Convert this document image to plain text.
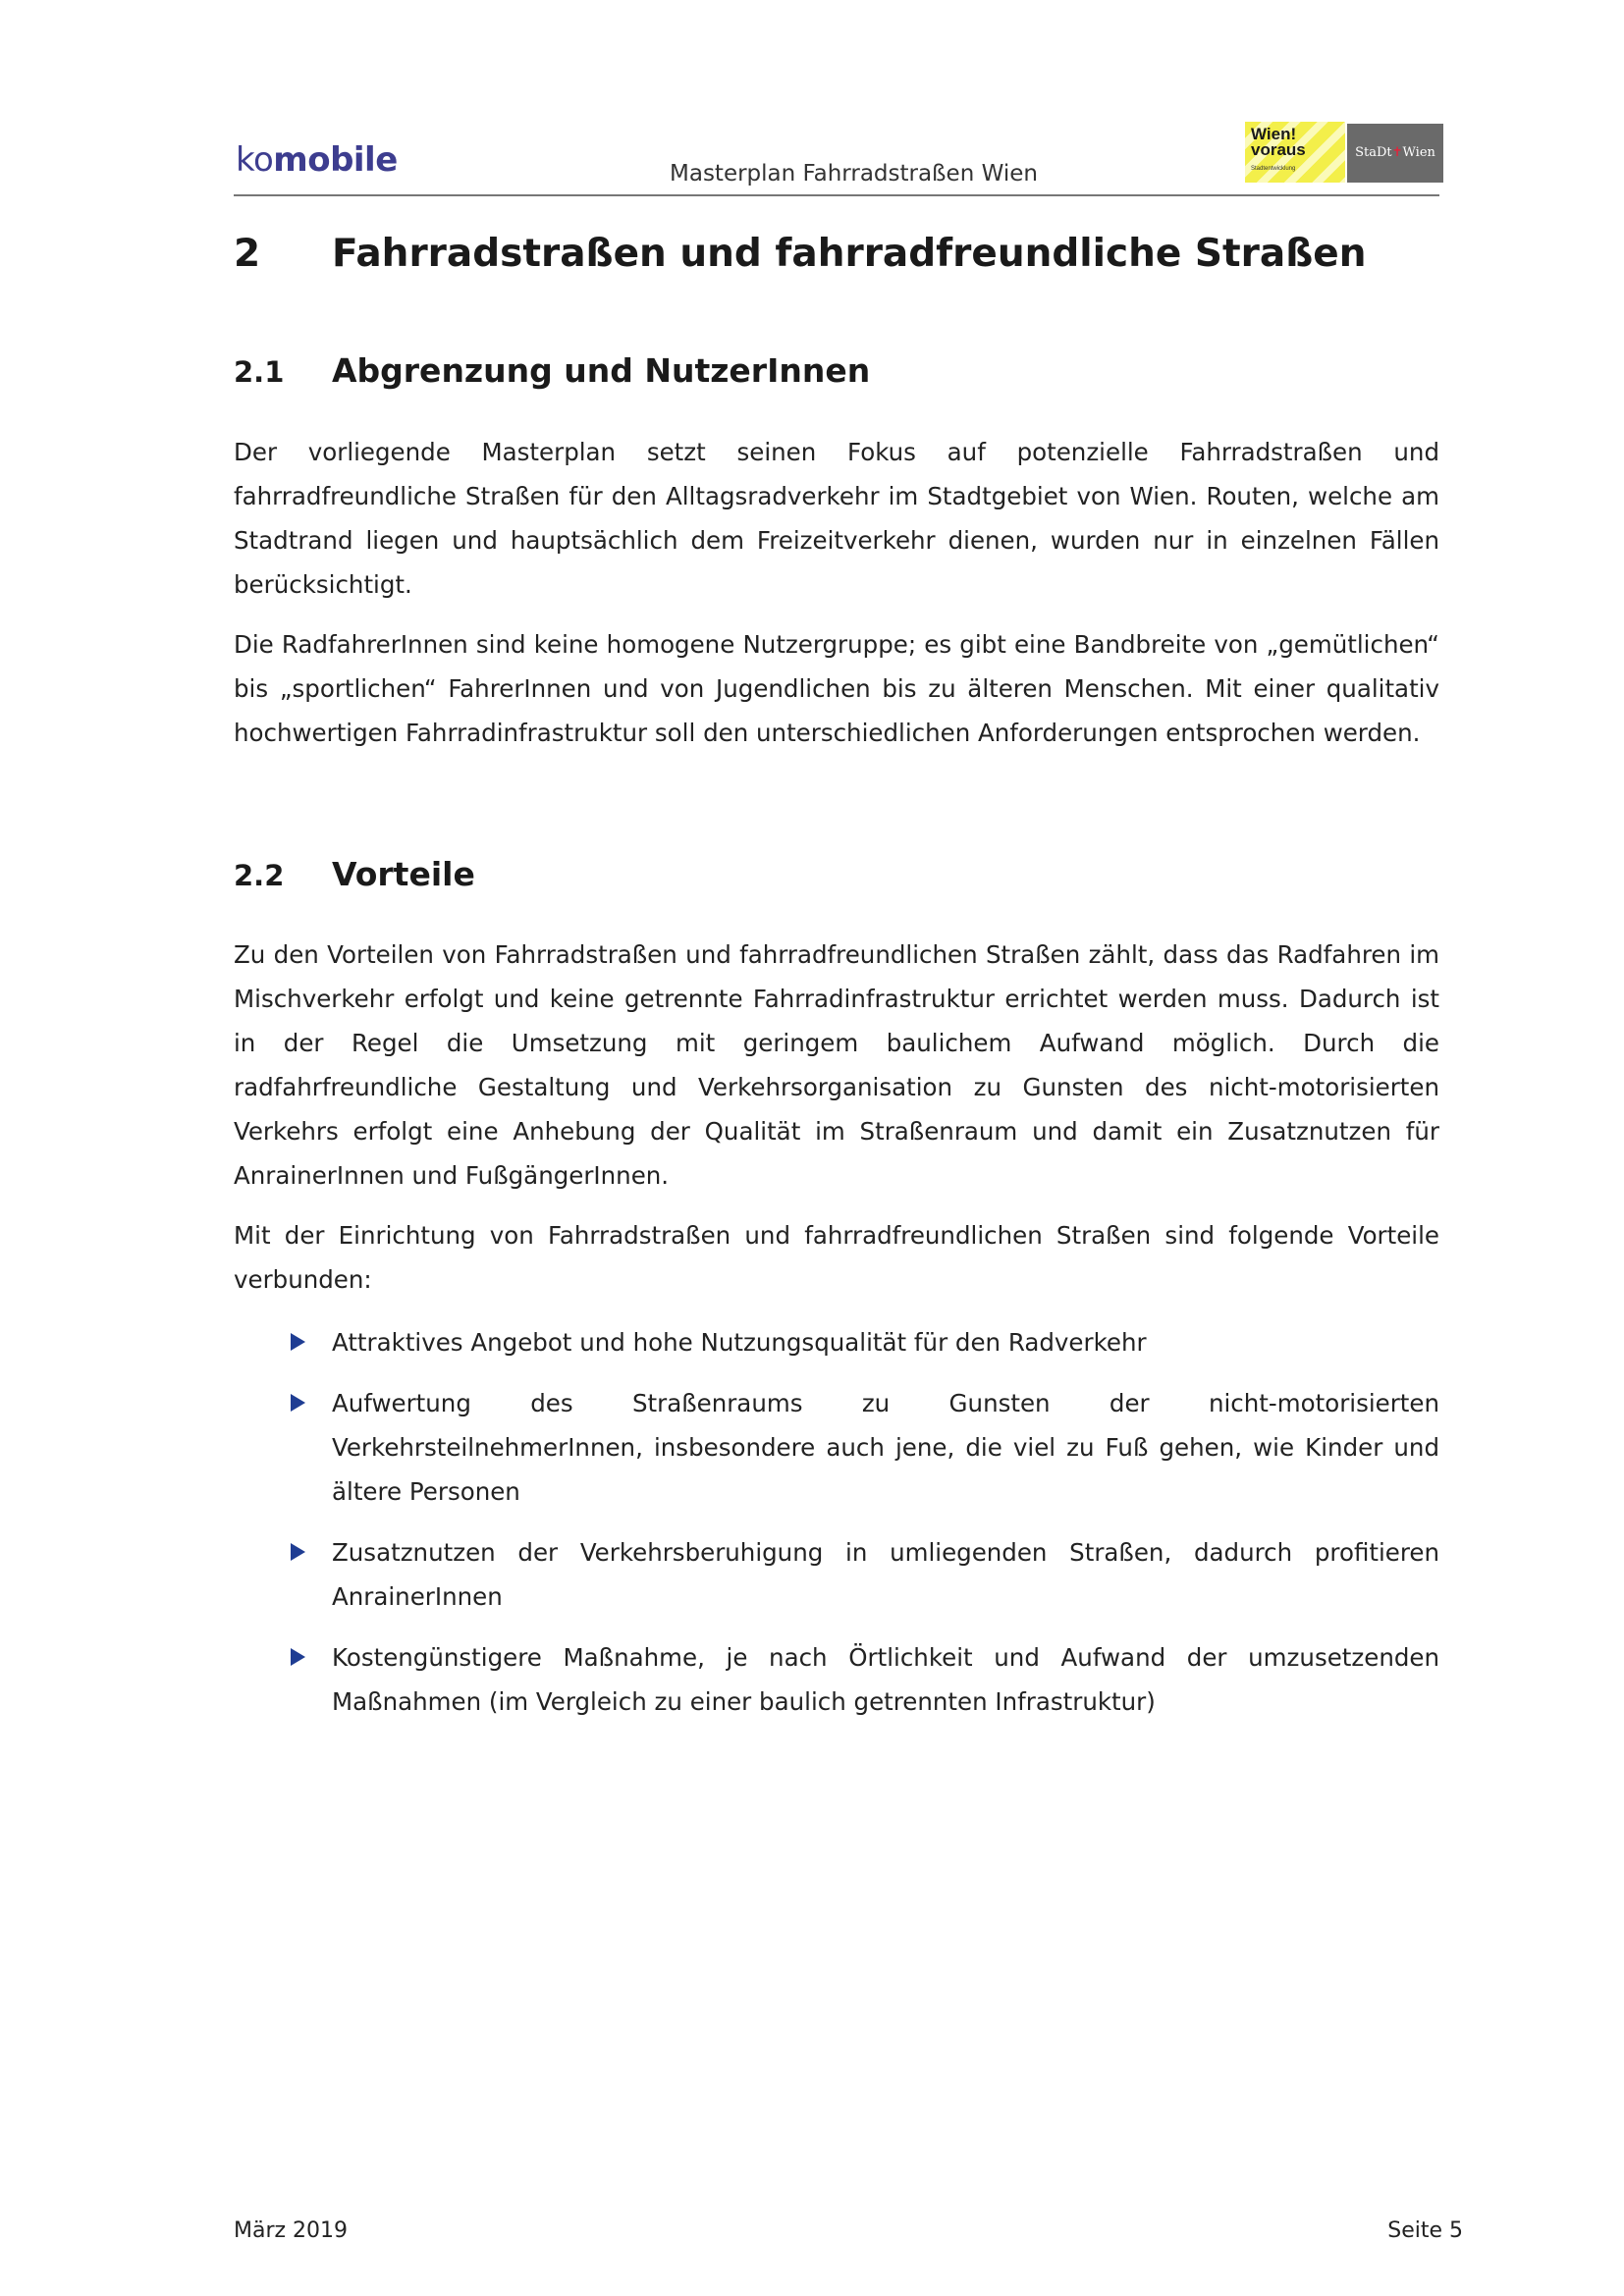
komobile	Masterplan Fahrradstraßen Wien
Wien!
voraus
Stadtentwicklung
StaDt✝Wien
2 Fahrradstraßen und fahrradfreundliche Straßen
2.1 Abgrenzung und NutzerInnen

Der vorliegende Masterplan setzt seinen Fokus auf potenzielle Fahrradstraßen und fahrradfreundliche Straßen für den Alltagsradverkehr im Stadtgebiet von Wien. Routen, welche am Stadtrand liegen und hauptsächlich dem Freizeitverkehr dienen, wurden nur in einzelnen Fällen berücksichtigt.

Die RadfahrerInnen sind keine homogene Nutzergruppe; es gibt eine Bandbreite von „gemütlichen“ bis „sportlichen“ FahrerInnen und von Jugendlichen bis zu älteren Menschen. Mit einer qualitativ hochwertigen Fahrradinfrastruktur soll den unterschiedlichen Anforderungen entsprochen werden.

2.2 Vorteile

Zu den Vorteilen von Fahrradstraßen und fahrradfreundlichen Straßen zählt, dass das Radfahren im Mischverkehr erfolgt und keine getrennte Fahrradinfrastruktur errichtet werden muss. Dadurch ist in der Regel die Umsetzung mit geringem baulichem Aufwand möglich. Durch die radfahrfreundliche Gestaltung und Verkehrsorganisation zu Gunsten des nicht-motorisierten Verkehrs erfolgt eine Anhebung der Qualität im Straßenraum und damit ein Zusatznutzen für AnrainerInnen und FußgängerInnen.

Mit der Einrichtung von Fahrradstraßen und fahrradfreundlichen Straßen sind folgende Vorteile verbunden:

Attraktives Angebot und hohe Nutzungsqualität für den Radverkehr
Aufwertung des Straßenraums zu Gunsten der nicht-motorisierten VerkehrsteilnehmerInnen, insbesondere auch jene, die viel zu Fuß gehen, wie Kinder und ältere Personen
Zusatznutzen der Verkehrsberuhigung in umliegenden Straßen, dadurch profitieren AnrainerInnen
Kostengünstigere Maßnahme, je nach Örtlichkeit und Aufwand der umzusetzenden Maßnahmen (im Vergleich zu einer baulich getrennten Infrastruktur)
März 2019	Seite 5
